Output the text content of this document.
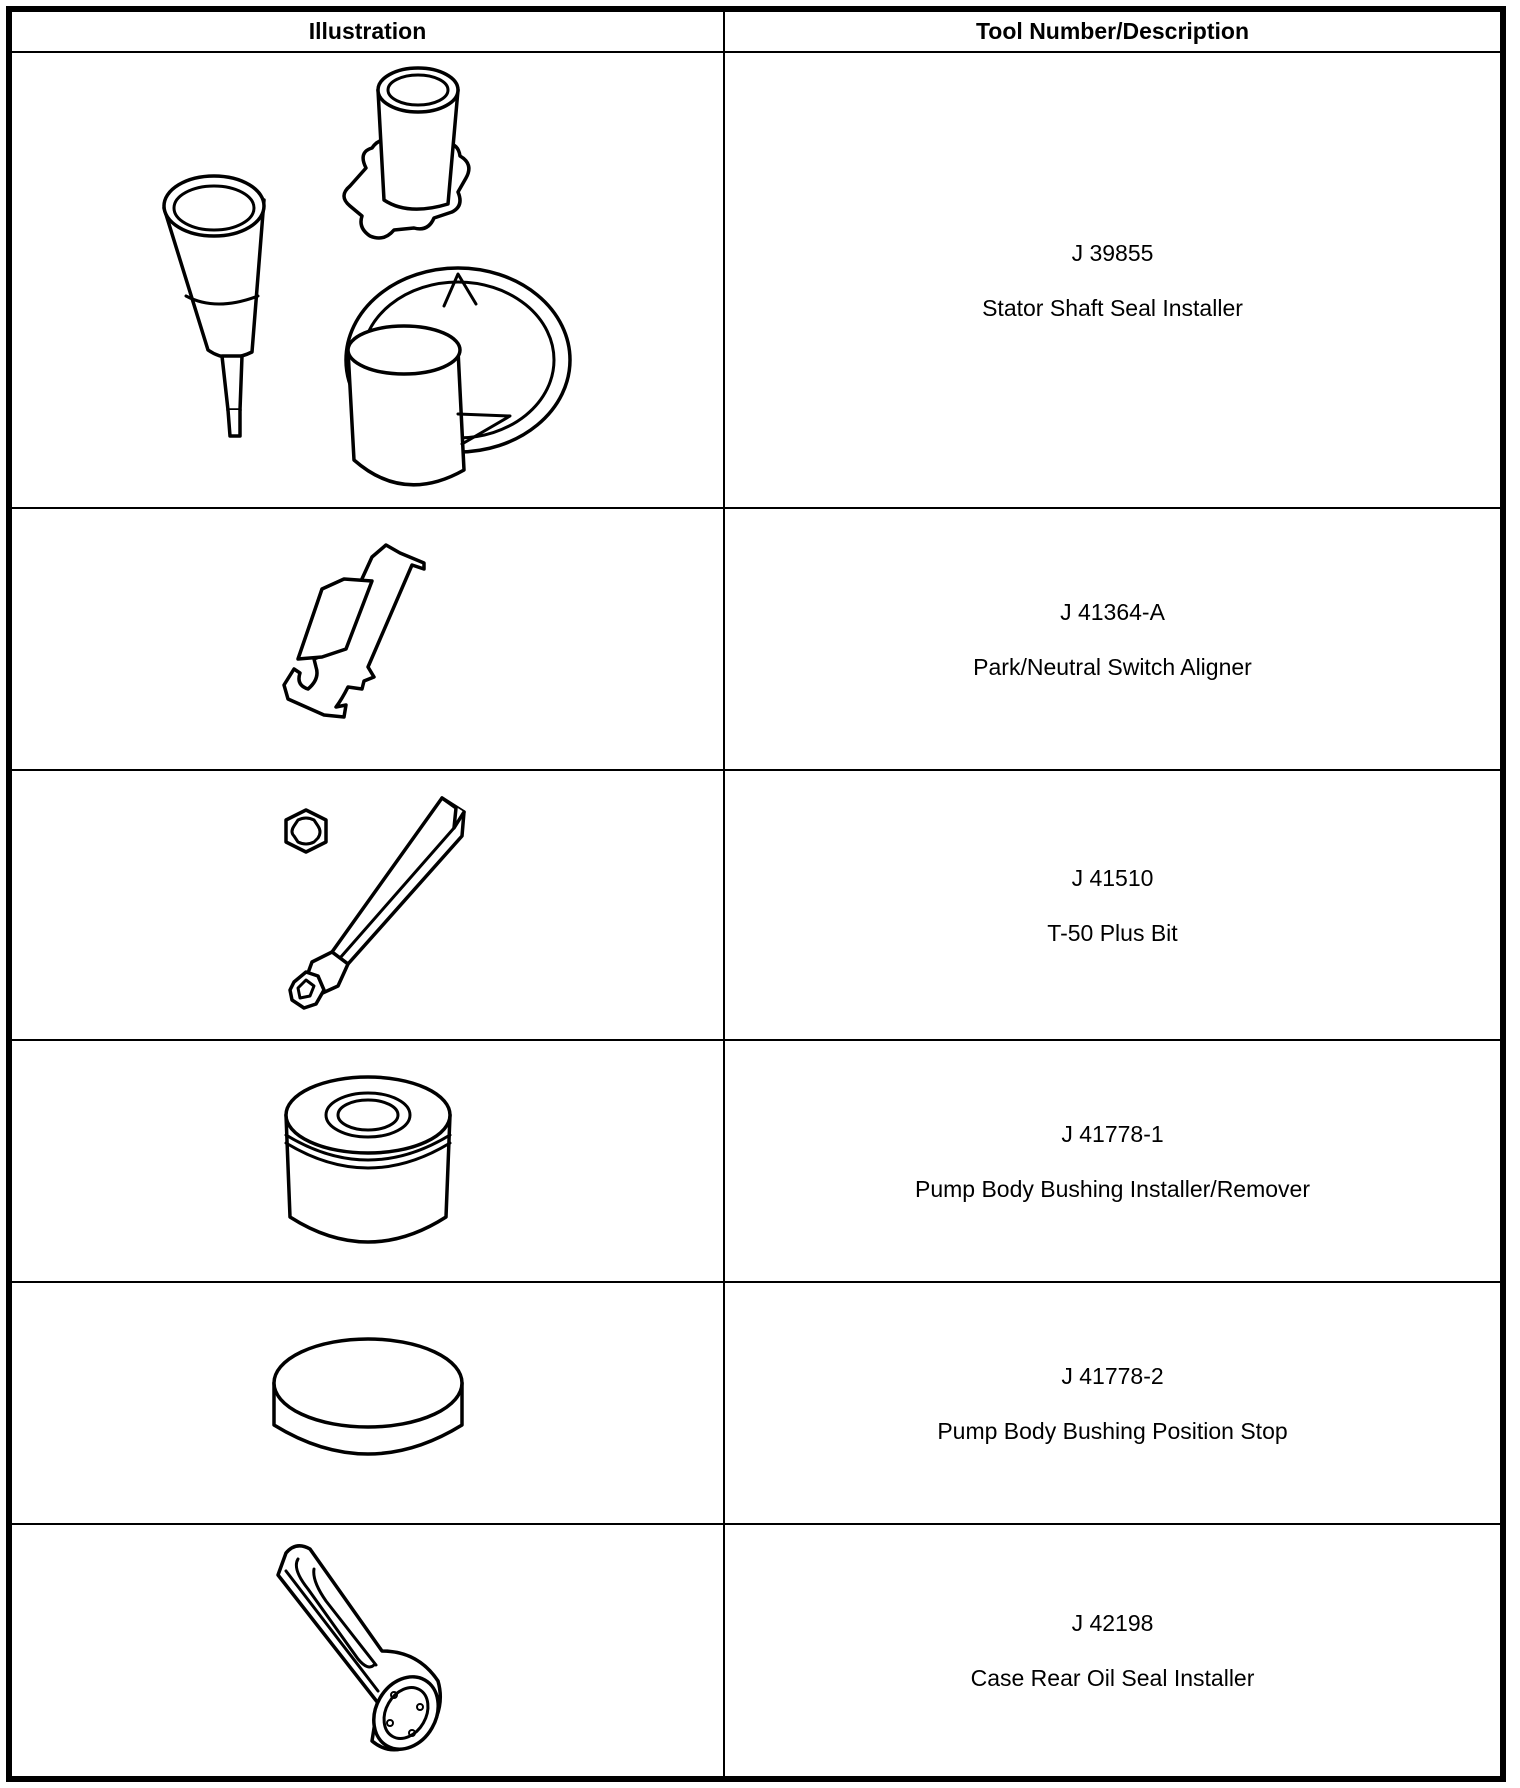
Illustration	Tool Number/Description

J 39855
Stator Shaft Seal Installer

J 41364-A
Park/Neutral Switch Aligner

J 41510
T-50 Plus Bit

J 41778-1
Pump Body Bushing Installer/Remover

J 41778-2
Pump Body Bushing Position Stop

J 42198
Case Rear Oil Seal Installer
